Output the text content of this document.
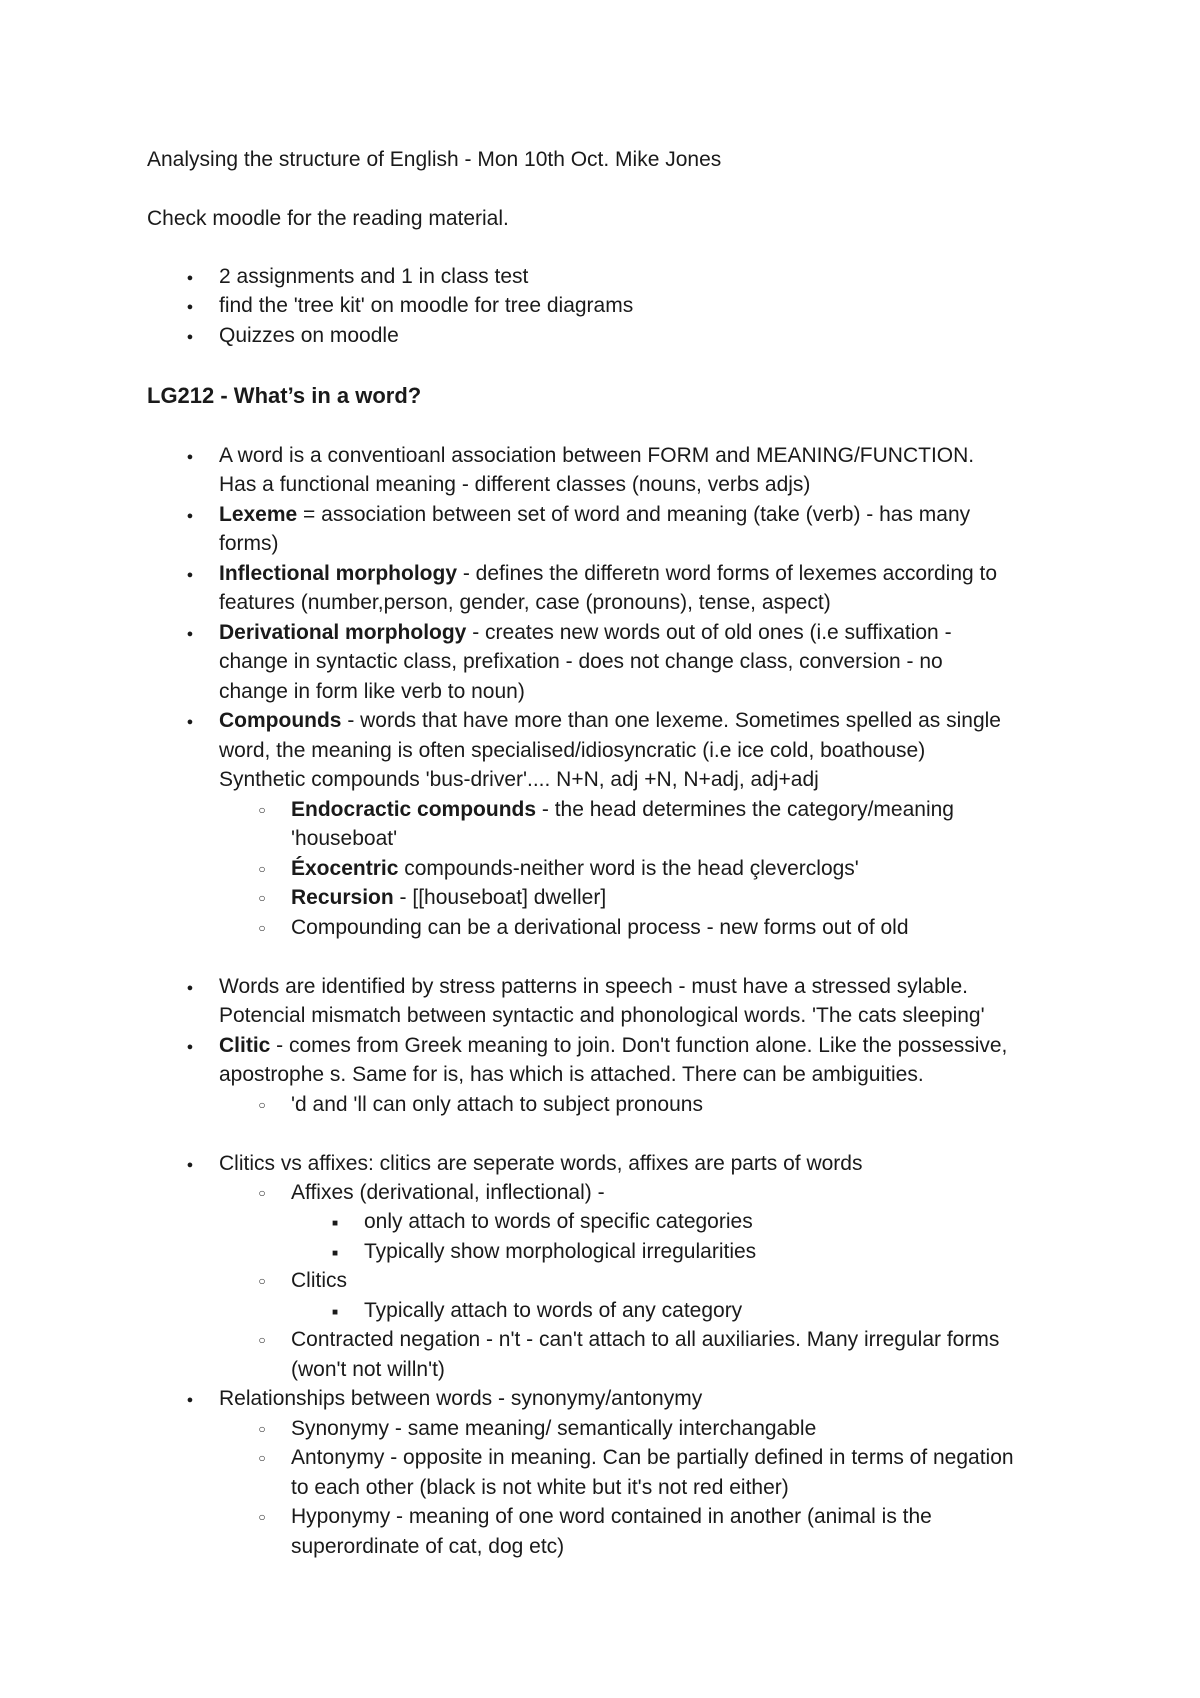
Analysing the structure of English - Mon 10th Oct. Mike Jones
Check moodle for the reading material.
●
2 assignments and 1 in class test
●
find the 'tree kit' on moodle for tree diagrams
●
Quizzes on moodle
LG212 - What’s in a word?
●
A word is a conventioanl association between FORM and MEANING/FUNCTION.
Has a functional meaning - different classes (nouns, verbs adjs)
●
Lexeme = association between set of word and meaning (take (verb) - has many
forms)
●
Inflectional morphology - defines the differetn word forms of lexemes according to
features (number,person, gender, case (pronouns), tense, aspect)
●
Derivational morphology - creates new words out of old ones (i.e suffixation -
change in syntactic class, prefixation - does not change class, conversion - no
change in form like verb to noun)
●
Compounds - words that have more than one lexeme. Sometimes spelled as single
word, the meaning is often specialised/idiosyncratic (i.e ice cold, boathouse)
Synthetic compounds 'bus-driver'.... N+N, adj +N, N+adj, adj+adj
○
Endocractic compounds - the head determines the category/meaning
'houseboat'
○
Éxocentric compounds-neither word is the head çleverclogs'
○
Recursion - [[houseboat] dweller]
○
Compounding can be a derivational process - new forms out of old
●
Words are identified by stress patterns in speech - must have a stressed sylable.
Potencial mismatch between syntactic and phonological words. 'The cats sleeping'
●
Clitic - comes from Greek meaning to join. Don't function alone. Like the possessive,
apostrophe s. Same for is, has which is attached. There can be ambiguities.
○
'd and 'll can only attach to subject pronouns
●
Clitics vs affixes: clitics are seperate words, affixes are parts of words
○
Affixes (derivational, inflectional) -
■
only attach to words of specific categories
■
Typically show morphological irregularities
○
Clitics
■
Typically attach to words of any category
○
Contracted negation - n't - can't attach to all auxiliaries. Many irregular forms
(won't not willn't)
●
Relationships between words - synonymy/antonymy
○
Synonymy - same meaning/ semantically interchangable
○
Antonymy - opposite in meaning. Can be partially defined in terms of negation
to each other (black is not white but it's not red either)
○
Hyponymy - meaning of one word contained in another (animal is the
superordinate of cat, dog etc)
